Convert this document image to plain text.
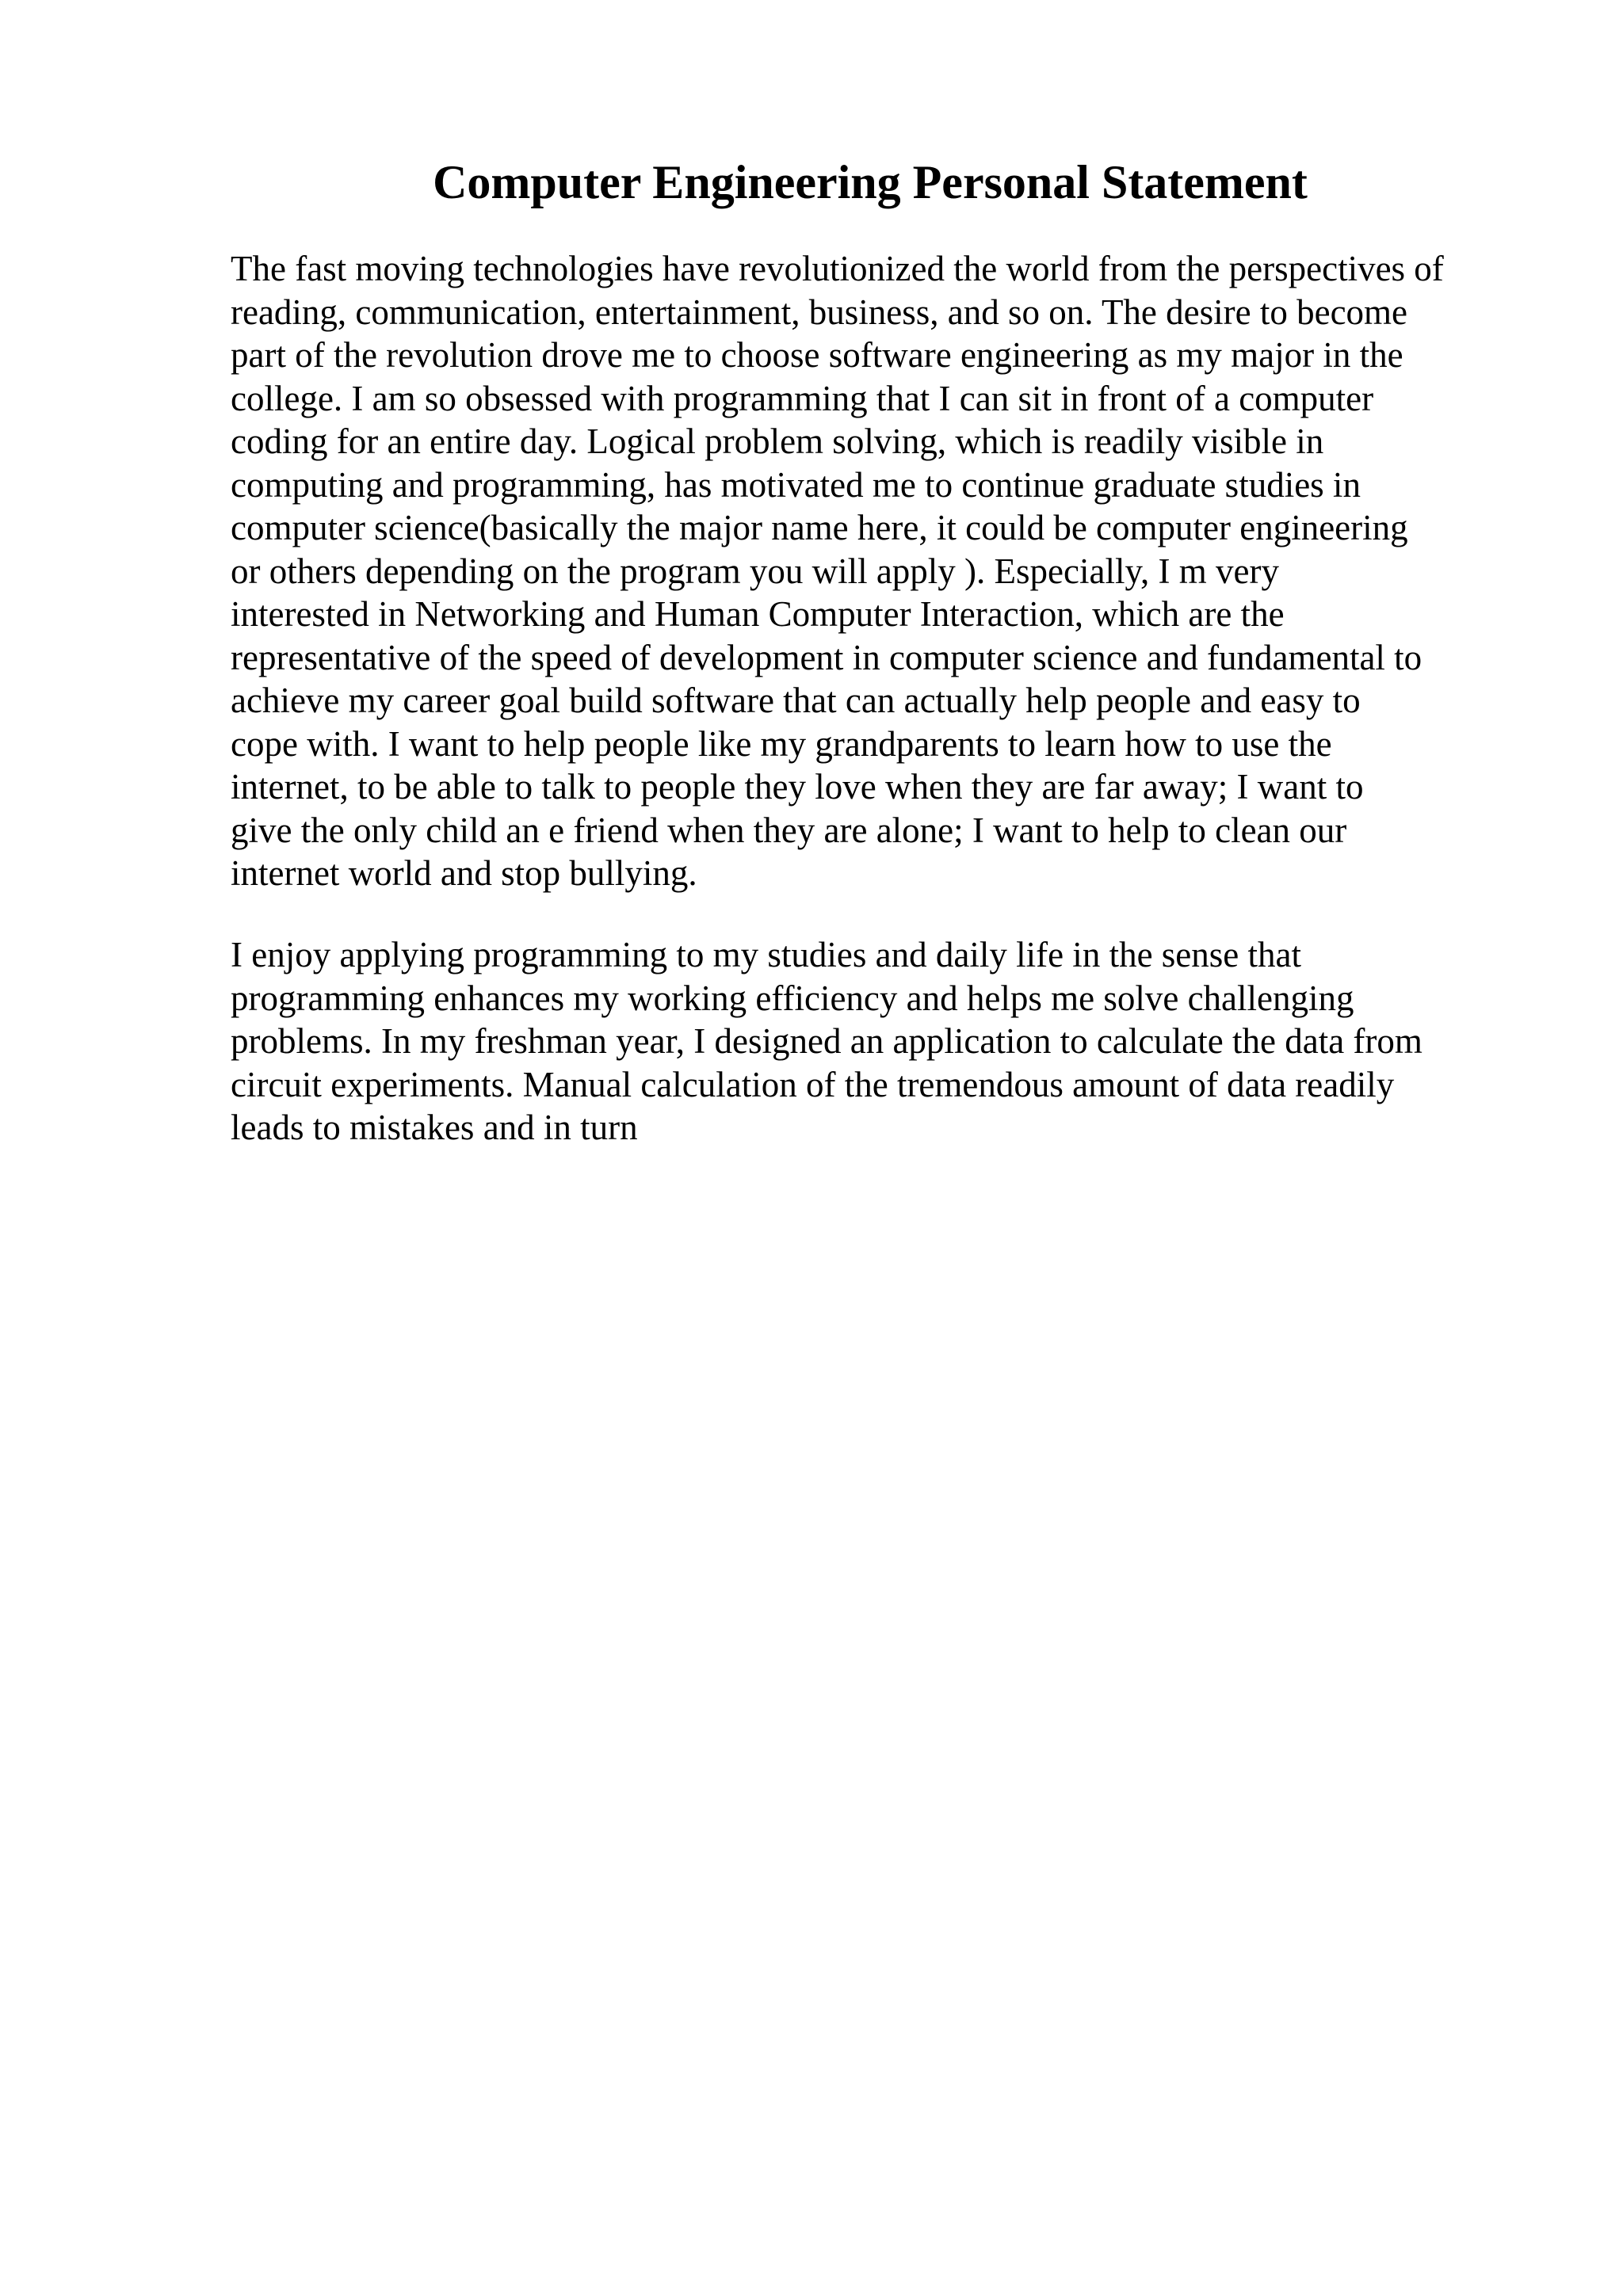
Computer Engineering Personal Statement
The fast moving technologies have revolutionized the world from the perspectives of
reading, communication, entertainment, business, and so on. The desire to become
part of the revolution drove me to choose software engineering as my major in the
college. I am so obsessed with programming that I can sit in front of a computer
coding for an entire day. Logical problem solving, which is readily visible in
computing and programming, has motivated me to continue graduate studies in
computer science(basically the major name here, it could be computer engineering
or others depending on the program you will apply ). Especially, I m very
interested in Networking and Human Computer Interaction, which are the
representative of the speed of development in computer science and fundamental to
achieve my career goal build software that can actually help people and easy to
cope with. I want to help people like my grandparents to learn how to use the
internet, to be able to talk to people they love when they are far away; I want to
give the only child an e friend when they are alone; I want to help to clean our
internet world and stop bullying.
I enjoy applying programming to my studies and daily life in the sense that
programming enhances my working efficiency and helps me solve challenging
problems. In my freshman year, I designed an application to calculate the data from
circuit experiments. Manual calculation of the tremendous amount of data readily
leads to mistakes and in turn
